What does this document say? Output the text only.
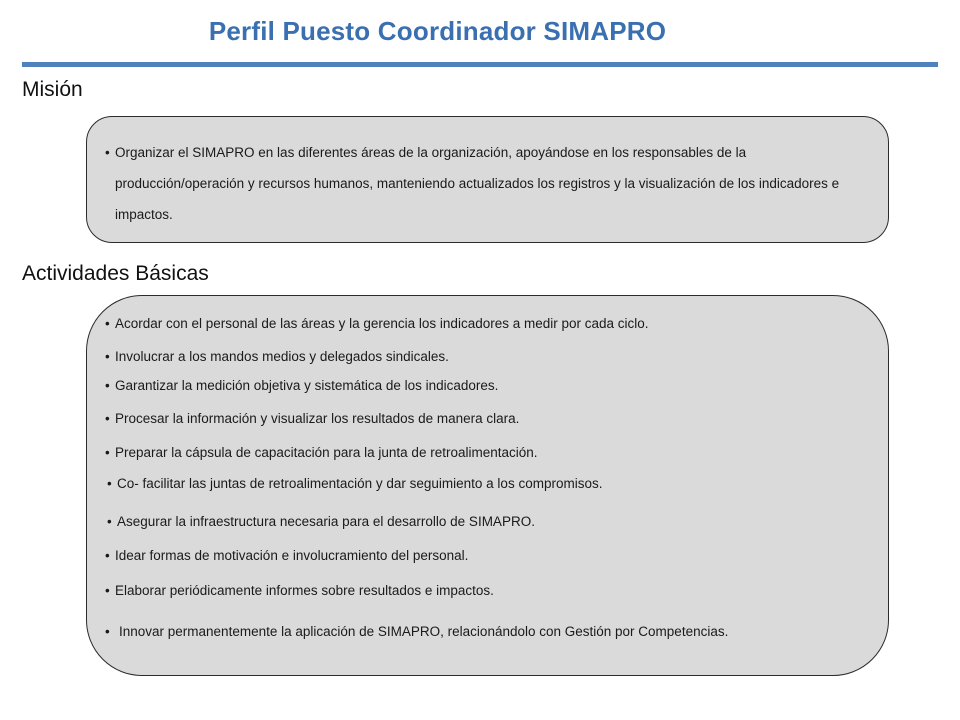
Perfil Puesto Coordinador SIMAPRO
Misión
• Organizar el SIMAPRO en las diferentes áreas de la organización, apoyándose en los responsables de la producción/operación y recursos humanos, manteniendo actualizados los registros y la visualización de los indicadores e impactos.
Actividades Básicas
• Acordar con el personal de las áreas y la gerencia los indicadores a medir por cada ciclo.
• Involucrar a los mandos medios y delegados sindicales.
• Garantizar la medición objetiva y sistemática de los indicadores.
• Procesar la información y visualizar los resultados de manera clara.
• Preparar la cápsula de capacitación para la junta de retroalimentación.
• Co- facilitar las juntas de retroalimentación y dar seguimiento a los compromisos.
• Asegurar la infraestructura necesaria para el desarrollo de SIMAPRO.
• Idear formas de motivación e involucramiento del personal.
• Elaborar periódicamente informes sobre resultados e impactos.
• Innovar permanentemente la aplicación de SIMAPRO, relacionándolo con Gestión por Competencias.
